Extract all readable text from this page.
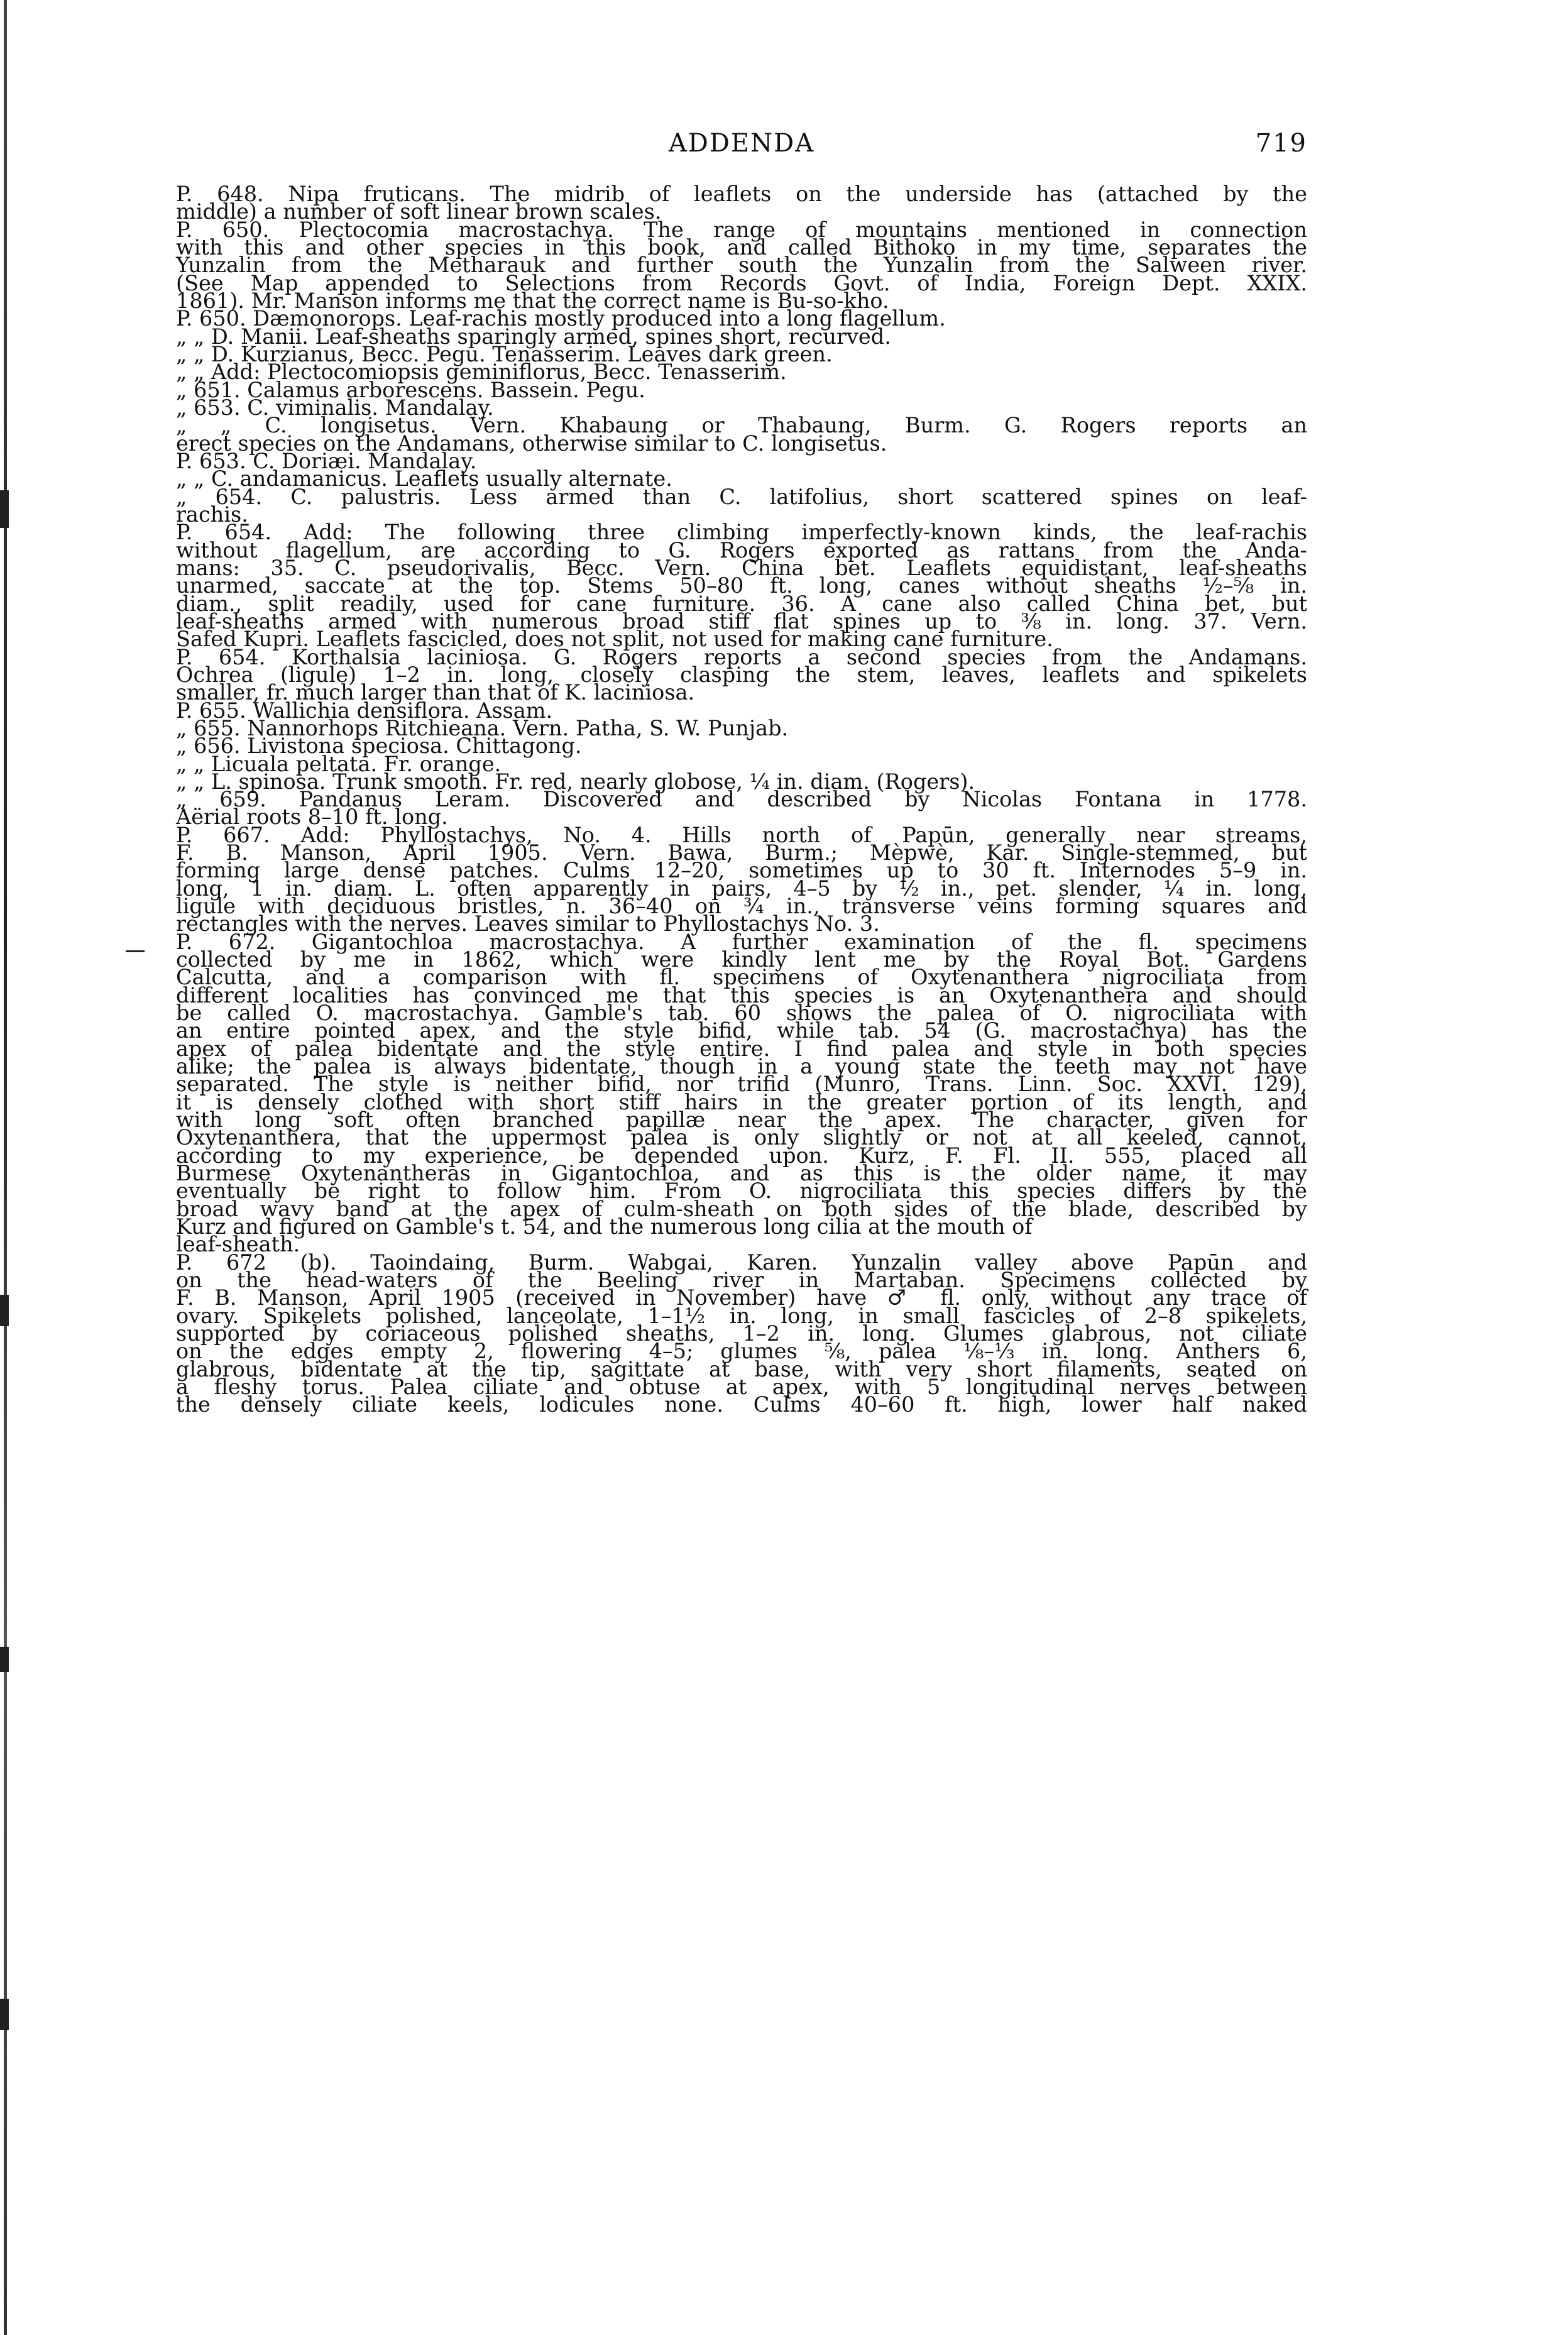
ADDENDA	719
P. 648. Nipa fruticans. The midrib of leaflets on the underside has (attached by the
middle) a number of soft linear brown scales.
P. 650. Plectocomia macrostachya. The range of mountains mentioned in connection
with this and other species in this book, and called Bithoko in my time, separates the
Yunzalin from the Metharauk and further south the Yunzalin from the Salween river.
(See Map appended to Selections from Records Govt. of India, Foreign Dept. XXIX.
1861). Mr. Manson informs me that the correct name is Bu-so-kho.
P. 650. Dæmonorops. Leaf-rachis mostly produced into a long flagellum.
„ „ D. Manii. Leaf-sheaths sparingly armed, spines short, recurved.
„ „ D. Kurzianus, Becc. Pegu. Tenasserim. Leaves dark green.
„ „ Add: Plectocomiopsis geminiflorus, Becc. Tenasserim.
„ 651. Calamus arborescens. Bassein. Pegu.
„ 653. C. viminalis. Mandalay.
„ „ C. longisetus. Vern. Khabaung or Thabaung, Burm. G. Rogers reports an
erect species on the Andamans, otherwise similar to C. longisetus.
P. 653. C. Doriæi. Mandalay.
„ „ C. andamanicus. Leaflets usually alternate.
„ 654. C. palustris. Less armed than C. latifolius, short scattered spines on leaf-
rachis.
P. 654. Add: The following three climbing imperfectly-known kinds, the leaf-rachis
without flagellum, are according to G. Rogers exported as rattans from the Anda-
mans: 35. C. pseudorivalis, Becc. Vern. China bet. Leaflets equidistant, leaf-sheaths
unarmed, saccate at the top. Stems 50–80 ft. long, canes without sheaths ½–⅝ in.
diam., split readily, used for cane furniture. 36. A cane also called China bet, but
leaf-sheaths armed with numerous broad stiff flat spines up to ⅜ in. long. 37. Vern.
Safed Kupri. Leaflets fascicled, does not split, not used for making cane furniture.
P. 654. Korthalsia laciniosa. G. Rogers reports a second species from the Andamans.
Ochrea (ligule) 1–2 in. long, closely clasping the stem, leaves, leaflets and spikelets
smaller, fr. much larger than that of K. laciniosa.
P. 655. Wallichia densiflora. Assam.
„ 655. Nannorhops Ritchieana. Vern. Patha, S. W. Punjab.
„ 656. Livistona speciosa. Chittagong.
„ „ Licuala peltata. Fr. orange.
„ „ L. spinosa. Trunk smooth. Fr. red, nearly globose, ¼ in. diam. (Rogers).
„ 659. Pandanus Leram. Discovered and described by Nicolas Fontana in 1778.
Aërial roots 8–10 ft. long.
P. 667. Add: Phyllostachys, No. 4. Hills north of Papūn, generally near streams,
F. B. Manson, April 1905. Vern. Bawa, Burm.; Mèpwè, Kar. Single-stemmed, but
forming large dense patches. Culms 12–20, sometimes up to 30 ft. Internodes 5–9 in.
long, 1 in. diam. L. often apparently in pairs, 4–5 by ½ in., pet. slender, ¼ in. long,
ligule with deciduous bristles, n. 36–40 on ¾ in., transverse veins forming squares and
rectangles with the nerves. Leaves similar to Phyllostachys No. 3.
P. 672. Gigantochloa macrostachya. A further examination of the fl. specimens
collected by me in 1862, which were kindly lent me by the Royal Bot. Gardens
Calcutta, and a comparison with fl. specimens of Oxytenanthera nigrociliata from
different localities has convinced me that this species is an Oxytenanthera and should
be called O. macrostachya. Gamble's tab. 60 shows the palea of O. nigrociliata with
an entire pointed apex, and the style bifid, while tab. 54 (G. macrostachya) has the
apex of palea bidentate and the style entire. I find palea and style in both species
alike; the palea is always bidentate, though in a young state the teeth may not have
separated. The style is neither bifid, nor trifid (Munro, Trans. Linn. Soc. XXVI. 129),
it is densely clothed with short stiff hairs in the greater portion of its length, and
with long soft often branched papillæ near the apex. The character, given for
Oxytenanthera, that the uppermost palea is only slightly or not at all keeled, cannot,
according to my experience, be depended upon. Kurz, F. Fl. II. 555, placed all
Burmese Oxytenantheras in Gigantochloa, and as this is the older name, it may
eventually be right to follow him. From O. nigrociliata this species differs by the
broad wavy band at the apex of culm-sheath on both sides of the blade, described by
Kurz and figured on Gamble's t. 54, and the numerous long cilia at the mouth of
leaf-sheath.
P. 672 (b). Taoindaing, Burm. Wabgai, Karen. Yunzalin valley above Papūn and
on the head-waters of the Beeling river in Martaban. Specimens collected by
F. B. Manson, April 1905 (received in November) have ♂ fl. only, without any trace of
ovary. Spikelets polished, lanceolate, 1–1½ in. long, in small fascicles of 2–8 spikelets,
supported by coriaceous polished sheaths, 1–2 in. long. Glumes glabrous, not ciliate
on the edges empty 2, flowering 4–5; glumes ⅝, palea ⅛–⅓ in. long. Anthers 6,
glabrous, bidentate at the tip, sagittate at base, with very short filaments, seated on
a fleshy torus. Palea ciliate and obtuse at apex, with 5 longitudinal nerves between
the densely ciliate keels, lodicules none. Culms 40–60 ft. high, lower half naked
